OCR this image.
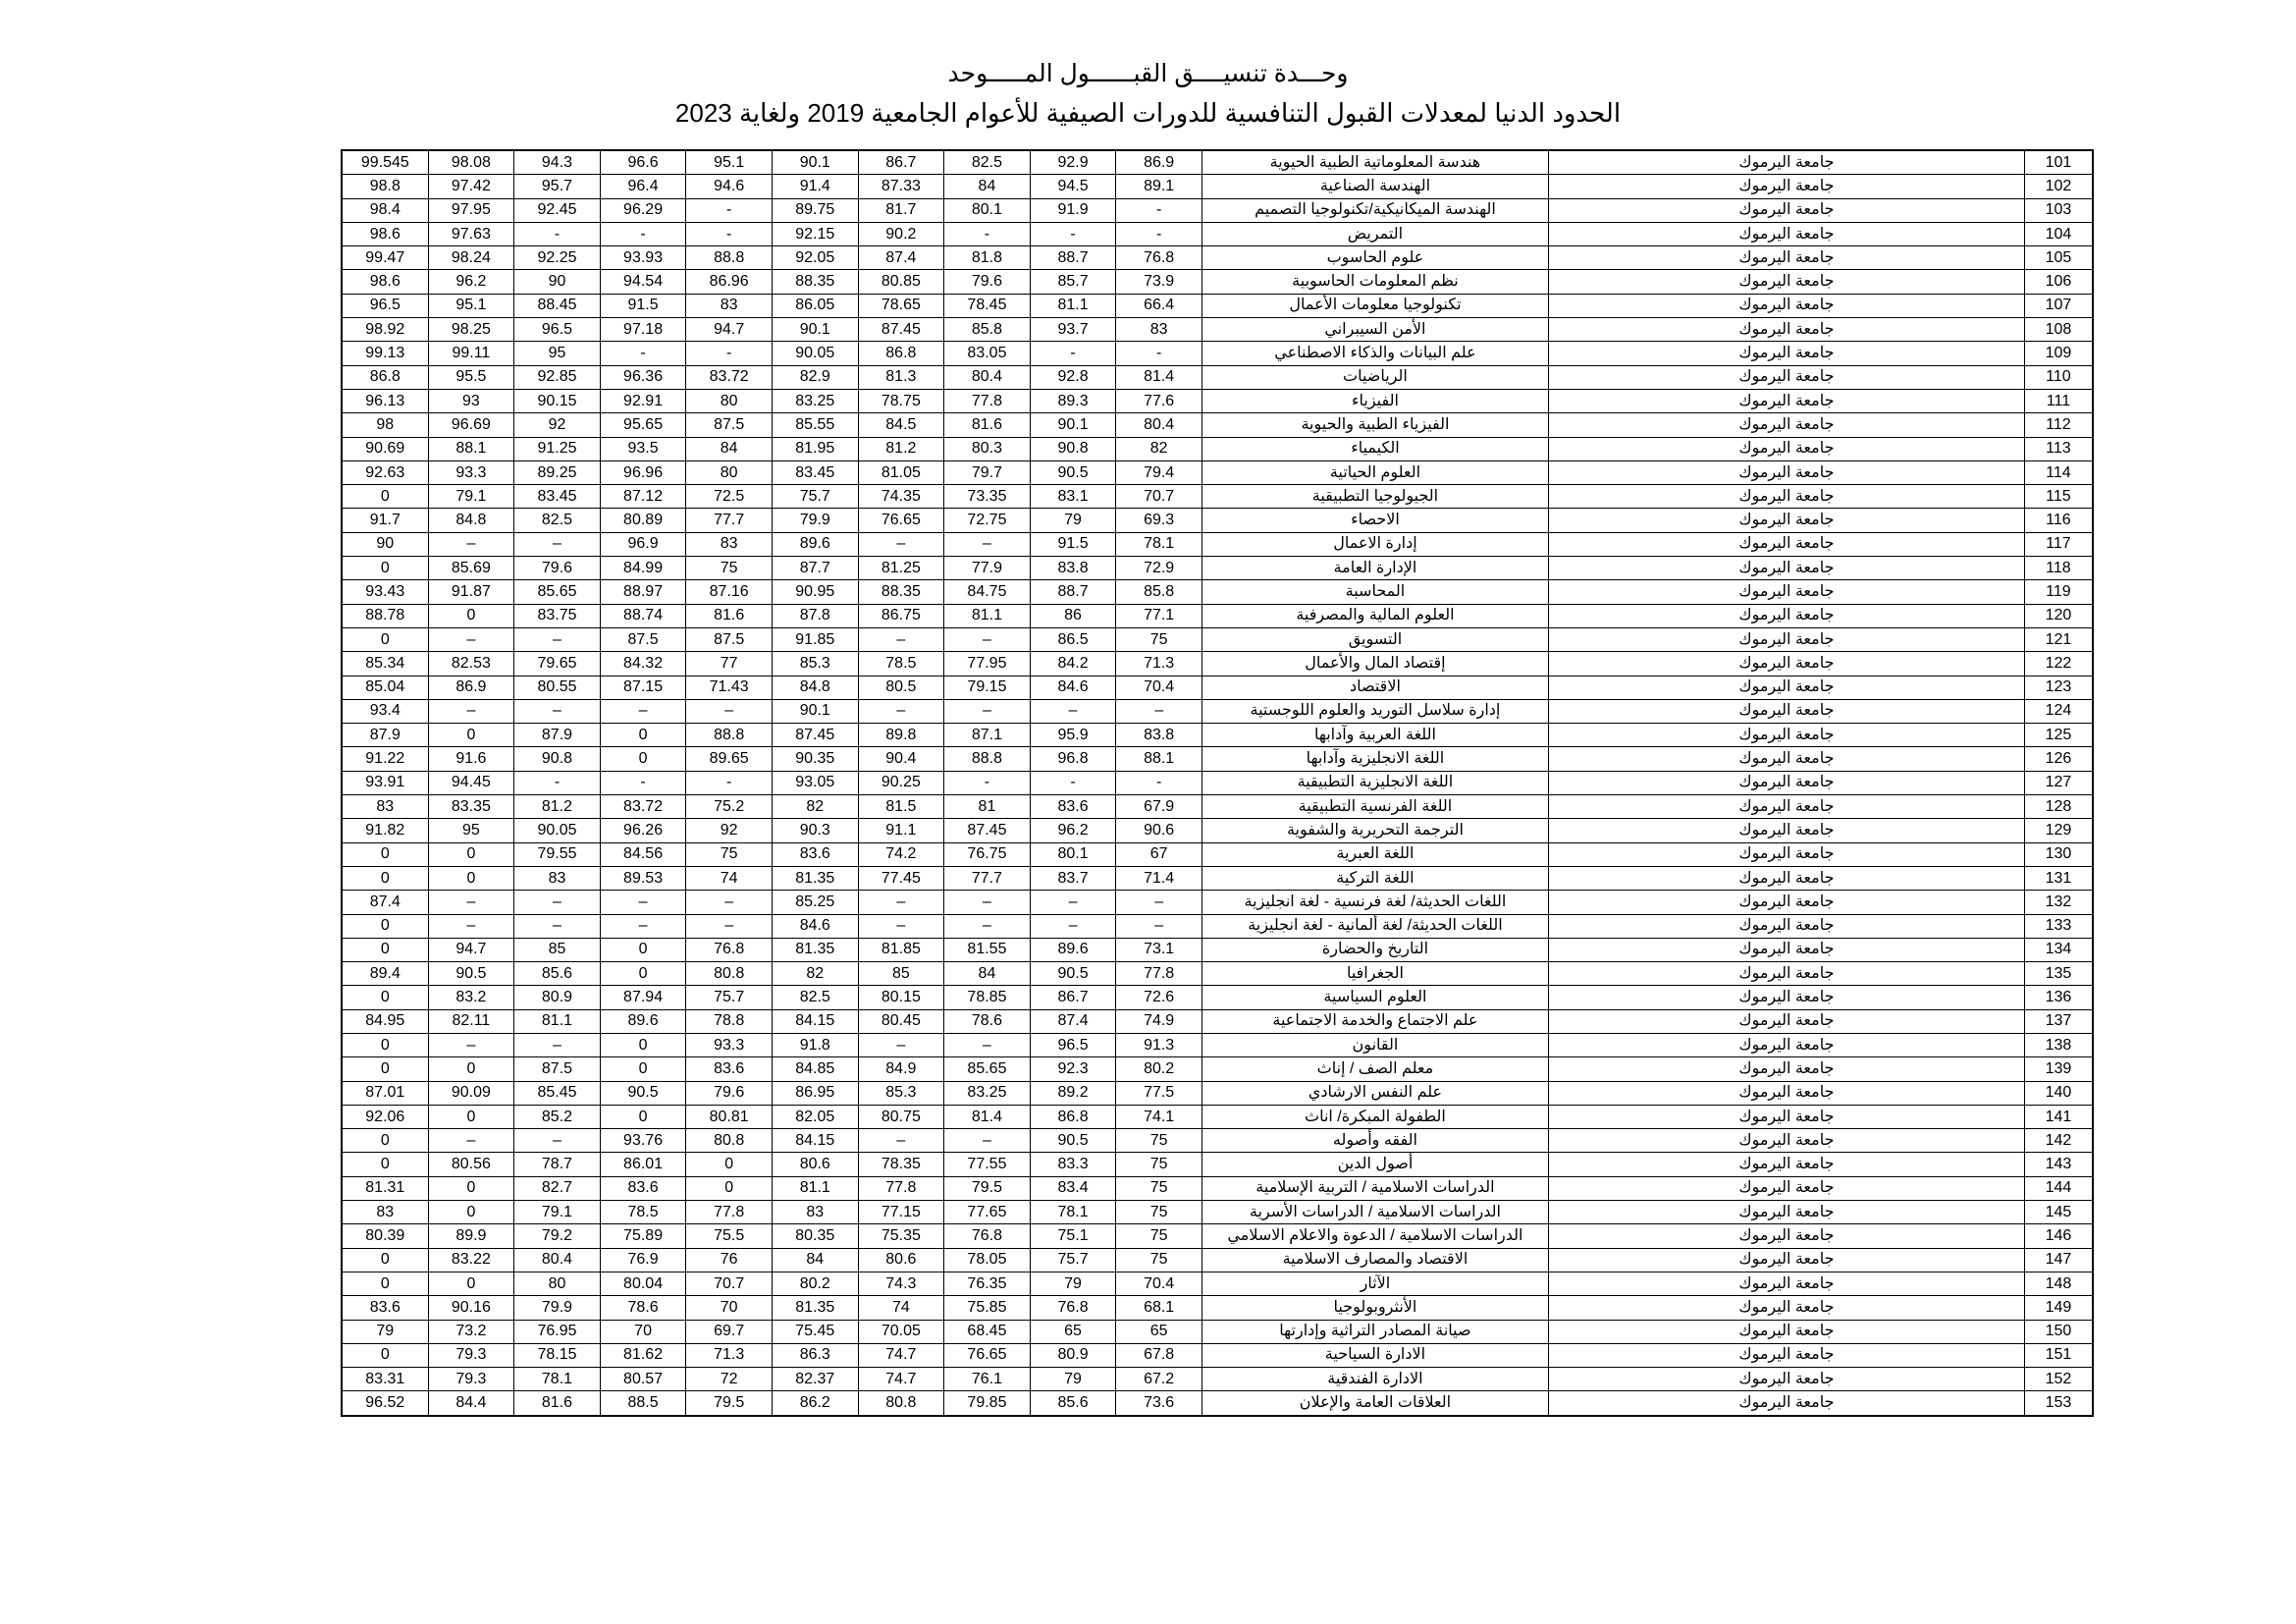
وحـــدة تنسيــــق القبــــــول المـــــوحد
الحدود الدنيا لمعدلات القبول التنافسية للدورات الصيفية للأعوام الجامعية 2019 ولغاية 2023
99.545	98.08	94.3	96.6	95.1	90.1	86.7	82.5	92.9	86.9	هندسة المعلوماتية الطبية الحيوية	جامعة اليرموك	101
98.8	97.42	95.7	96.4	94.6	91.4	87.33	84	94.5	89.1	الهندسة الصناعية	جامعة اليرموك	102
98.4	97.95	92.45	96.29	-	89.75	81.7	80.1	91.9	-	الهندسة الميكانيكية/تكنولوجيا التصميم	جامعة اليرموك	103
98.6	97.63	-	-	-	92.15	90.2	-	-	-	التمريض	جامعة اليرموك	104
99.47	98.24	92.25	93.93	88.8	92.05	87.4	81.8	88.7	76.8	علوم الحاسوب	جامعة اليرموك	105
98.6	96.2	90	94.54	86.96	88.35	80.85	79.6	85.7	73.9	نظم المعلومات الحاسوبية	جامعة اليرموك	106
96.5	95.1	88.45	91.5	83	86.05	78.65	78.45	81.1	66.4	تكنولوجيا معلومات الأعمال	جامعة اليرموك	107
98.92	98.25	96.5	97.18	94.7	90.1	87.45	85.8	93.7	83	الأمن السيبراني	جامعة اليرموك	108
99.13	99.11	95	-	-	90.05	86.8	83.05	-	-	علم البيانات والذكاء الاصطناعي	جامعة اليرموك	109
86.8	95.5	92.85	96.36	83.72	82.9	81.3	80.4	92.8	81.4	الرياضيات	جامعة اليرموك	110
96.13	93	90.15	92.91	80	83.25	78.75	77.8	89.3	77.6	الفيزياء	جامعة اليرموك	111
98	96.69	92	95.65	87.5	85.55	84.5	81.6	90.1	80.4	الفيزياء الطبية والحيوية	جامعة اليرموك	112
90.69	88.1	91.25	93.5	84	81.95	81.2	80.3	90.8	82	الكيمياء	جامعة اليرموك	113
92.63	93.3	89.25	96.96	80	83.45	81.05	79.7	90.5	79.4	العلوم الحياتية	جامعة اليرموك	114
0	79.1	83.45	87.12	72.5	75.7	74.35	73.35	83.1	70.7	الجيولوجيا التطبيقية	جامعة اليرموك	115
91.7	84.8	82.5	80.89	77.7	79.9	76.65	72.75	79	69.3	الاحصاء	جامعة اليرموك	116
90	–	–	96.9	83	89.6	–	–	91.5	78.1	إدارة الاعمال	جامعة اليرموك	117
0	85.69	79.6	84.99	75	87.7	81.25	77.9	83.8	72.9	الإدارة العامة	جامعة اليرموك	118
93.43	91.87	85.65	88.97	87.16	90.95	88.35	84.75	88.7	85.8	المحاسبة	جامعة اليرموك	119
88.78	0	83.75	88.74	81.6	87.8	86.75	81.1	86	77.1	العلوم المالية والمصرفية	جامعة اليرموك	120
0	–	–	87.5	87.5	91.85	–	–	86.5	75	التسويق	جامعة اليرموك	121
85.34	82.53	79.65	84.32	77	85.3	78.5	77.95	84.2	71.3	إقتصاد المال والأعمال	جامعة اليرموك	122
85.04	86.9	80.55	87.15	71.43	84.8	80.5	79.15	84.6	70.4	الاقتصاد	جامعة اليرموك	123
93.4	–	–	–	–	90.1	–	–	–	–	إدارة سلاسل التوريد والعلوم اللوجستية	جامعة اليرموك	124
87.9	0	87.9	0	88.8	87.45	89.8	87.1	95.9	83.8	اللغة العربية وآدابها	جامعة اليرموك	125
91.22	91.6	90.8	0	89.65	90.35	90.4	88.8	96.8	88.1	اللغة الانجليزية وآدابها	جامعة اليرموك	126
93.91	94.45	-	-	-	93.05	90.25	-	-	-	اللغة الانجليزية التطبيقية	جامعة اليرموك	127
83	83.35	81.2	83.72	75.2	82	81.5	81	83.6	67.9	اللغة الفرنسية التطبيقية	جامعة اليرموك	128
91.82	95	90.05	96.26	92	90.3	91.1	87.45	96.2	90.6	الترجمة التحريرية والشفوية	جامعة اليرموك	129
0	0	79.55	84.56	75	83.6	74.2	76.75	80.1	67	اللغة العبرية	جامعة اليرموك	130
0	0	83	89.53	74	81.35	77.45	77.7	83.7	71.4	اللغة التركية	جامعة اليرموك	131
87.4	–	–	–	–	85.25	–	–	–	–	اللغات الحديثة/ لغة فرنسية - لغة انجليزية	جامعة اليرموك	132
0	–	–	–	–	84.6	–	–	–	–	اللغات الحديثة/ لغة ألمانية - لغة انجليزية	جامعة اليرموك	133
0	94.7	85	0	76.8	81.35	81.85	81.55	89.6	73.1	التاريخ والحضارة	جامعة اليرموك	134
89.4	90.5	85.6	0	80.8	82	85	84	90.5	77.8	الجغرافيا	جامعة اليرموك	135
0	83.2	80.9	87.94	75.7	82.5	80.15	78.85	86.7	72.6	العلوم السياسية	جامعة اليرموك	136
84.95	82.11	81.1	89.6	78.8	84.15	80.45	78.6	87.4	74.9	علم الاجتماع والخدمة الاجتماعية	جامعة اليرموك	137
0	–	–	0	93.3	91.8	–	–	96.5	91.3	القانون	جامعة اليرموك	138
0	0	87.5	0	83.6	84.85	84.9	85.65	92.3	80.2	معلم الصف / إناث	جامعة اليرموك	139
87.01	90.09	85.45	90.5	79.6	86.95	85.3	83.25	89.2	77.5	علم النفس الارشادي	جامعة اليرموك	140
92.06	0	85.2	0	80.81	82.05	80.75	81.4	86.8	74.1	الطفولة المبكرة/ اناث	جامعة اليرموك	141
0	–	–	93.76	80.8	84.15	–	–	90.5	75	الفقه وأصوله	جامعة اليرموك	142
0	80.56	78.7	86.01	0	80.6	78.35	77.55	83.3	75	أصول الدين	جامعة اليرموك	143
81.31	0	82.7	83.6	0	81.1	77.8	79.5	83.4	75	الدراسات الاسلامية / التربية الإسلامية	جامعة اليرموك	144
83	0	79.1	78.5	77.8	83	77.15	77.65	78.1	75	الدراسات الاسلامية / الدراسات الأسرية	جامعة اليرموك	145
80.39	89.9	79.2	75.89	75.5	80.35	75.35	76.8	75.1	75	الدراسات الاسلامية / الدعوة والاعلام الاسلامي	جامعة اليرموك	146
0	83.22	80.4	76.9	76	84	80.6	78.05	75.7	75	الاقتصاد والمصارف الاسلامية	جامعة اليرموك	147
0	0	80	80.04	70.7	80.2	74.3	76.35	79	70.4	الآثار	جامعة اليرموك	148
83.6	90.16	79.9	78.6	70	81.35	74	75.85	76.8	68.1	الأنثروبولوجيا	جامعة اليرموك	149
79	73.2	76.95	70	69.7	75.45	70.05	68.45	65	65	صيانة المصادر التراثية وإدارتها	جامعة اليرموك	150
0	79.3	78.15	81.62	71.3	86.3	74.7	76.65	80.9	67.8	الادارة السياحية	جامعة اليرموك	151
83.31	79.3	78.1	80.57	72	82.37	74.7	76.1	79	67.2	الادارة الفندقية	جامعة اليرموك	152
96.52	84.4	81.6	88.5	79.5	86.2	80.8	79.85	85.6	73.6	العلاقات العامة والإعلان	جامعة اليرموك	153
